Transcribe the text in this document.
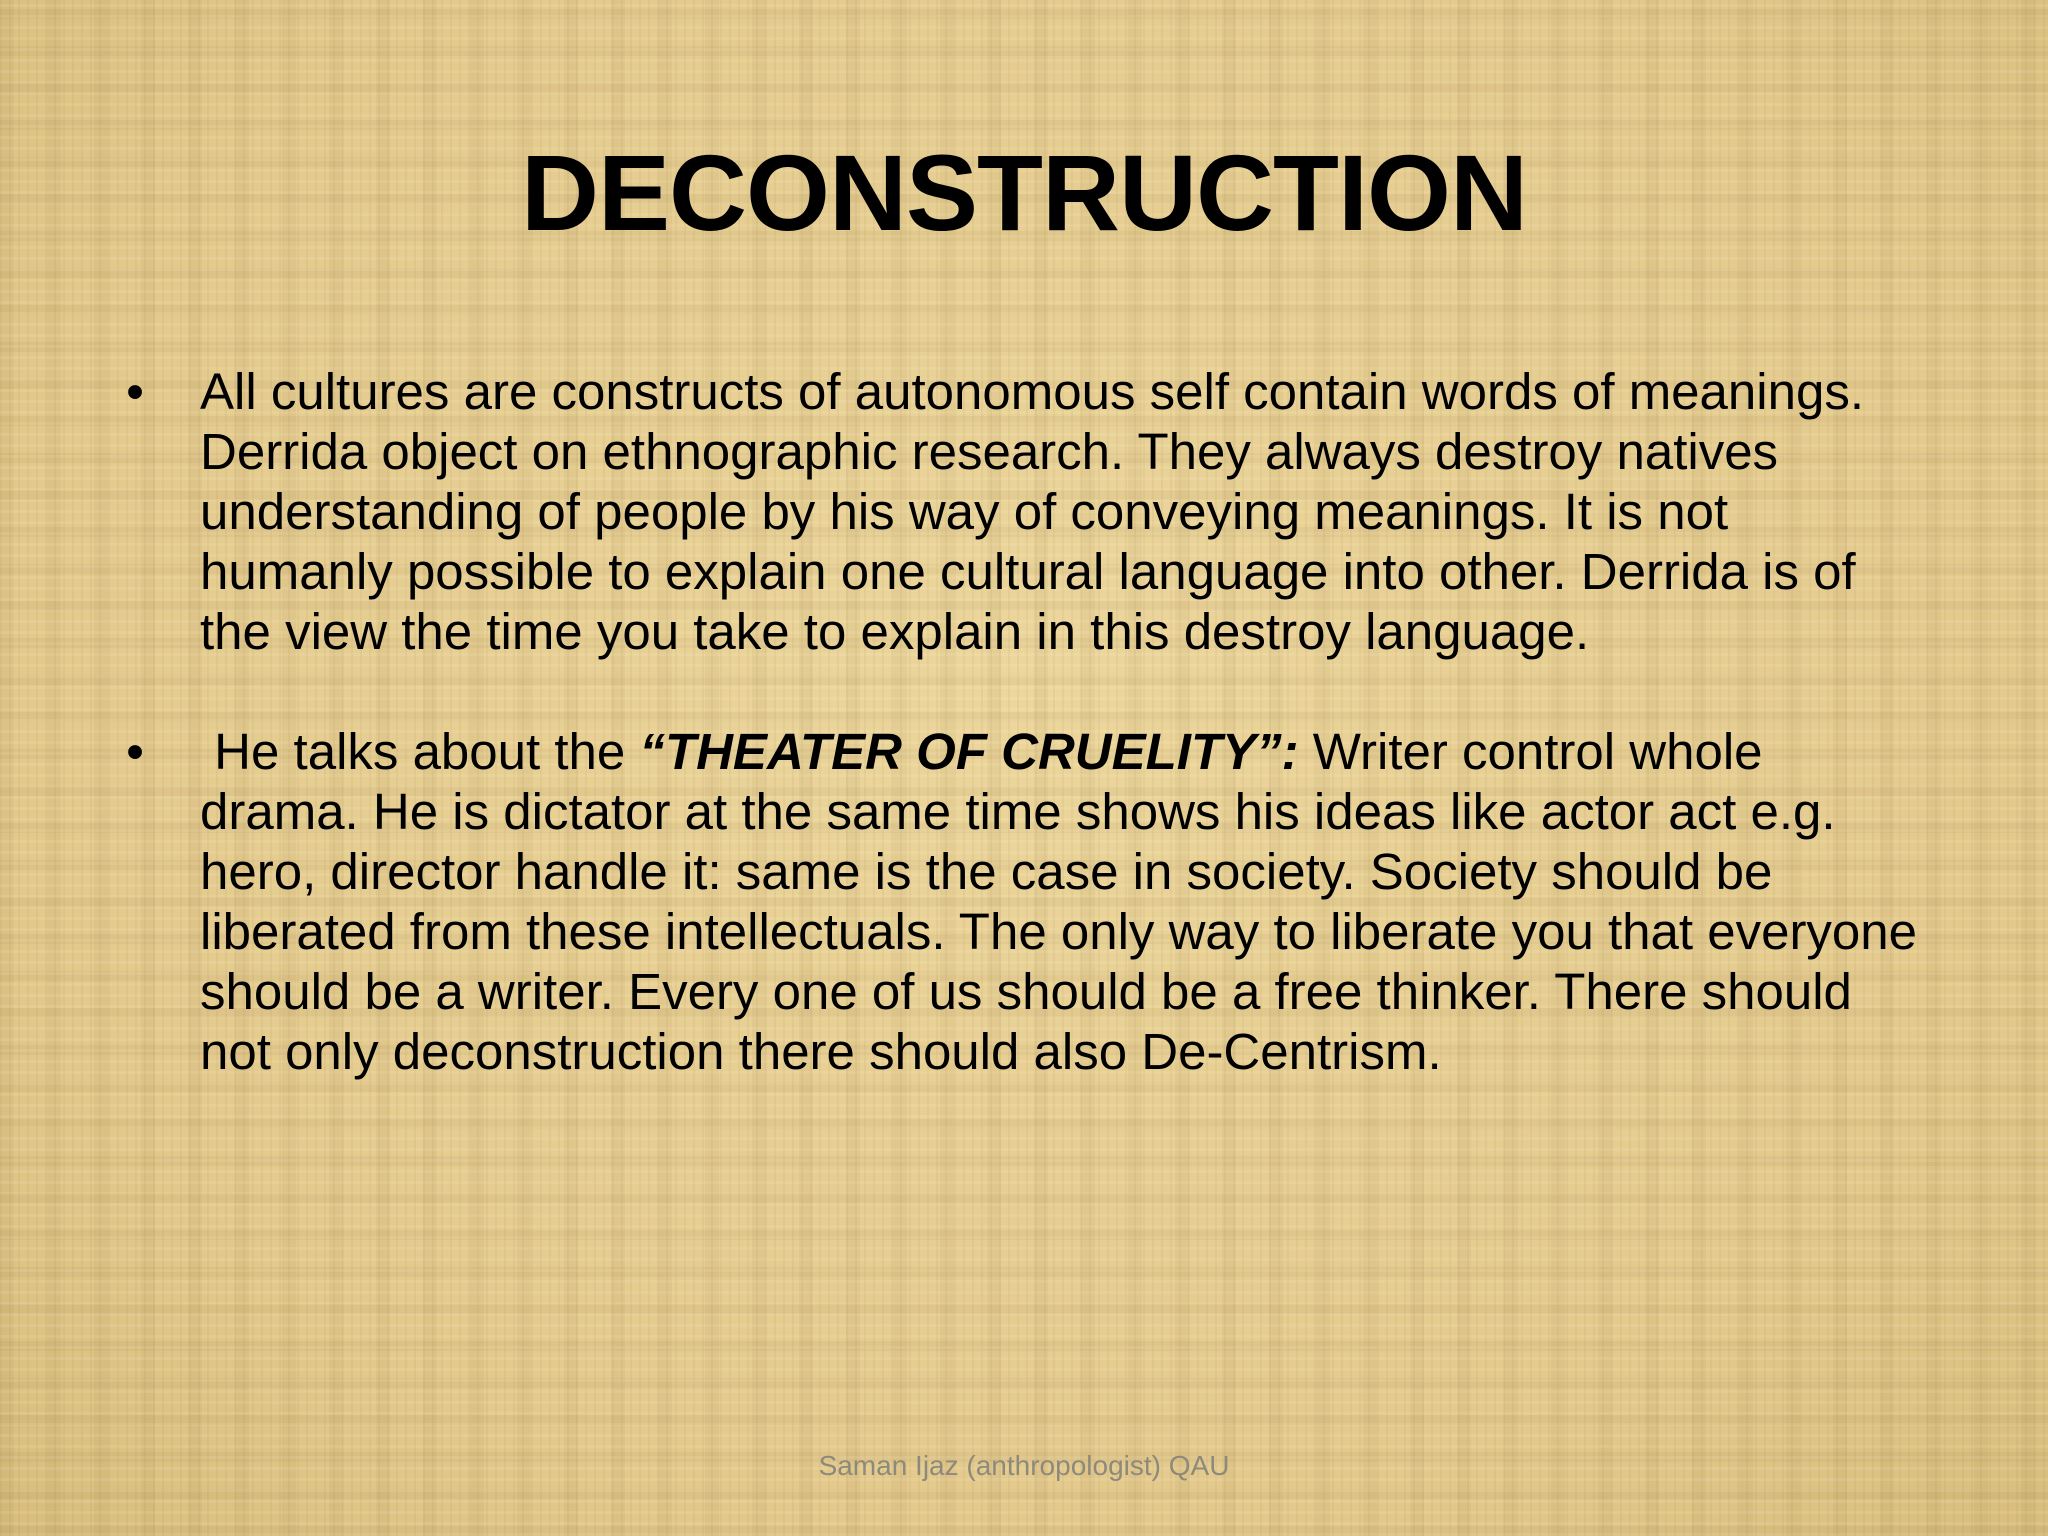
DECONSTRUCTION
• All cultures are constructs of autonomous self contain words of meanings. Derrida object on ethnographic research. They always destroy natives understanding of people by his way of conveying meanings. It is not humanly possible to explain one cultural language into other. Derrida is of the view the time you take to explain in this destroy language.
• He talks about the “THEATER OF CRUELITY”: Writer control whole drama. He is dictator at the same time shows his ideas like actor act e.g. hero, director handle it: same is the case in society. Society should be liberated from these intellectuals. The only way to liberate you that everyone should be a writer. Every one of us should be a free thinker. There should not only deconstruction there should also De-Centrism.
Saman Ijaz (anthropologist) QAU
